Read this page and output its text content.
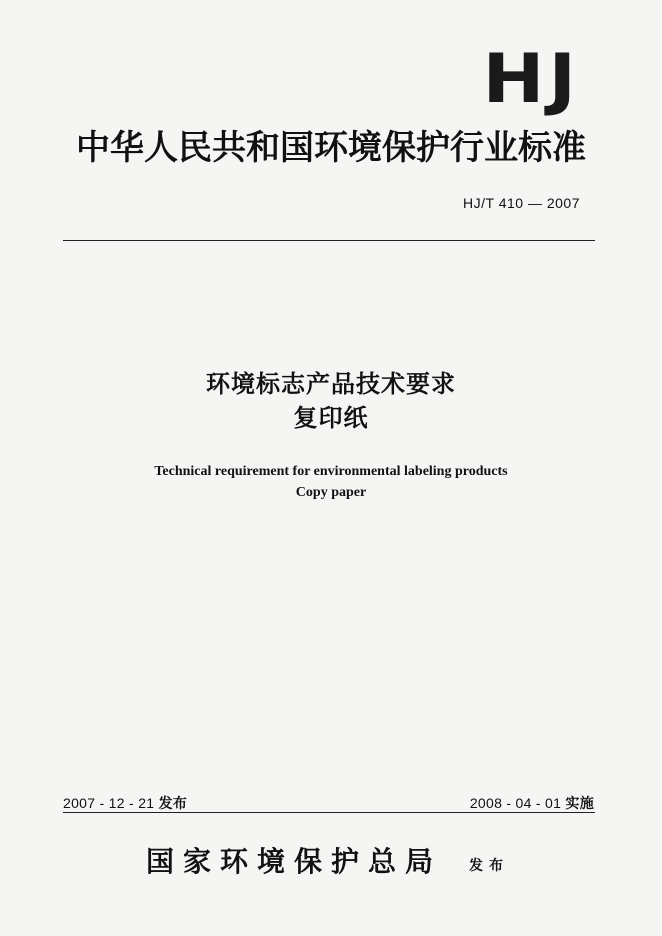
HJ
中华人民共和国环境保护行业标准
HJ/T 410 — 2007
环境标志产品技术要求
复印纸
Technical requirement for environmental labeling products
Copy paper
2007 - 12 - 21 发布	2008 - 04 - 01 实施
国家环境保护总局 发布
